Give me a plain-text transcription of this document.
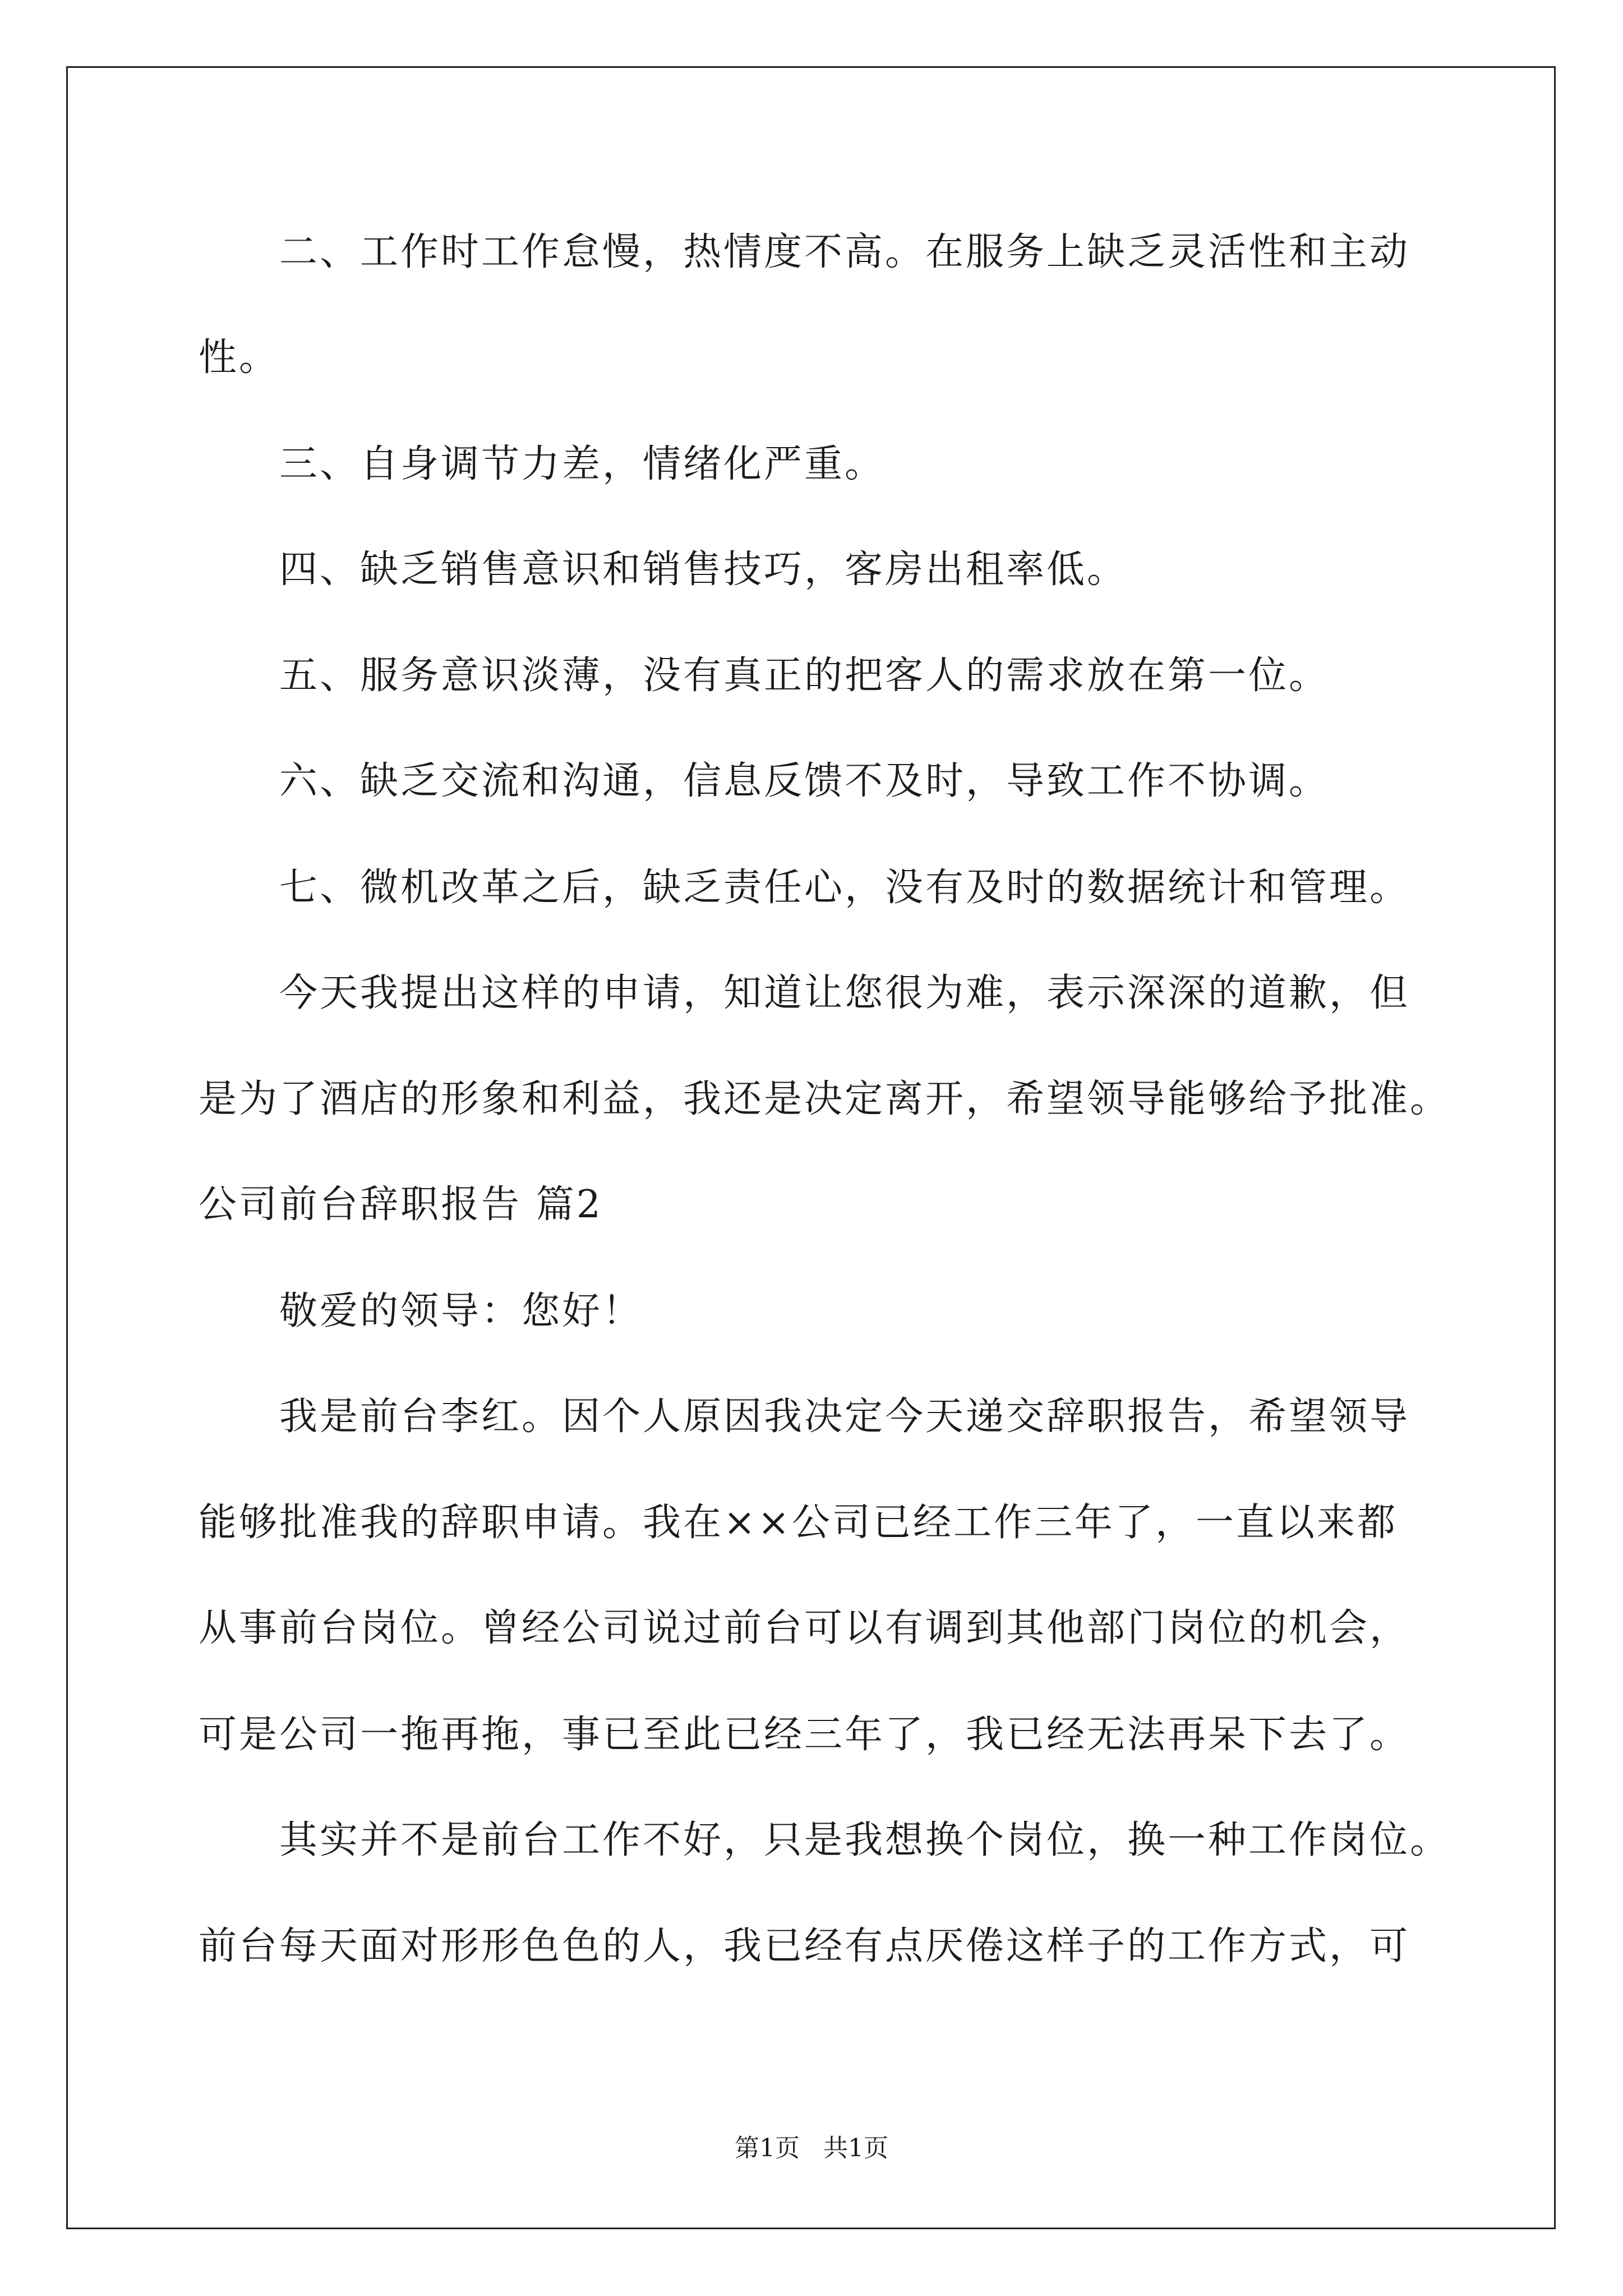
二、工作时工作怠慢，热情度不高。在服务上缺乏灵活性和主动
性。
三、自身调节力差，情绪化严重。
四、缺乏销售意识和销售技巧，客房出租率低。
五、服务意识淡薄，没有真正的把客人的需求放在第一位。
六、缺乏交流和沟通，信息反馈不及时，导致工作不协调。
七、微机改革之后，缺乏责任心，没有及时的数据统计和管理。
今天我提出这样的申请，知道让您很为难，表示深深的道歉，但
是为了酒店的形象和利益，我还是决定离开，希望领导能够给予批准。
公司前台辞职报告 篇2
敬爱的领导：您好！
我是前台李红。因个人原因我决定今天递交辞职报告，希望领导
能够批准我的辞职申请。我在××公司已经工作三年了，一直以来都
从事前台岗位。曾经公司说过前台可以有调到其他部门岗位的机会，
可是公司一拖再拖，事已至此已经三年了，我已经无法再呆下去了。
其实并不是前台工作不好，只是我想换个岗位，换一种工作岗位。
前台每天面对形形色色的人，我已经有点厌倦这样子的工作方式，可
第1页   共1页
